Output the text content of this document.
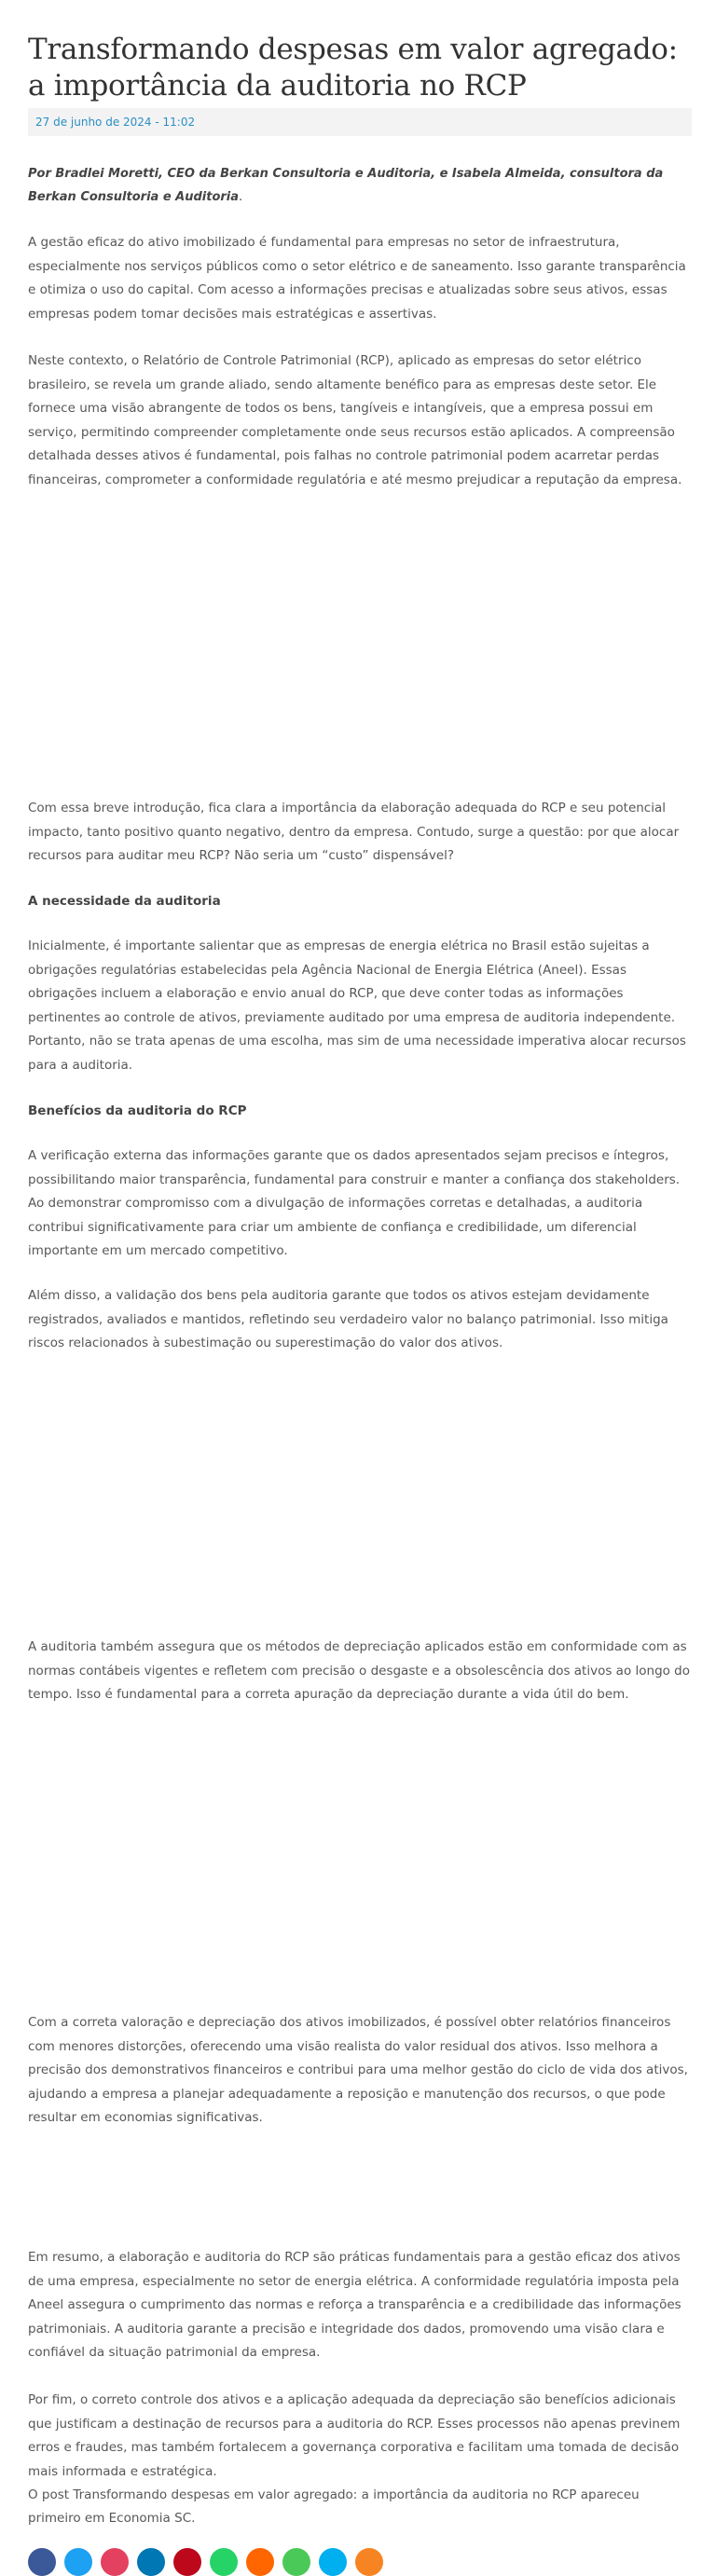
Transformando despesas em valor agregado: a importância da auditoria no RCP
27 de junho de 2024 - 11:02
Por Bradlei Moretti, CEO da Berkan Consultoria e Auditoria, e Isabela Almeida, consultora da Berkan Consultoria e Auditoria.

A gestão eficaz do ativo imobilizado é fundamental para empresas no setor de infraestrutura, especialmente nos serviços públicos como o setor elétrico e de saneamento. Isso garante transparência e otimiza o uso do capital. Com acesso a informações precisas e atualizadas sobre seus ativos, essas empresas podem tomar decisões mais estratégicas e assertivas.

Neste contexto, o Relatório de Controle Patrimonial (RCP), aplicado as empresas do setor elétrico brasileiro, se revela um grande aliado, sendo altamente benéfico para as empresas deste setor. Ele fornece uma visão abrangente de todos os bens, tangíveis e intangíveis, que a empresa possui em serviço, permitindo compreender completamente onde seus recursos estão aplicados. A compreensão detalhada desses ativos é fundamental, pois falhas no controle patrimonial podem acarretar perdas financeiras, comprometer a conformidade regulatória e até mesmo prejudicar a reputação da empresa.

Com essa breve introdução, fica clara a importância da elaboração adequada do RCP e seu potencial impacto, tanto positivo quanto negativo, dentro da empresa. Contudo, surge a questão: por que alocar recursos para auditar meu RCP? Não seria um “custo” dispensável?

A necessidade da auditoria

Inicialmente, é importante salientar que as empresas de energia elétrica no Brasil estão sujeitas a obrigações regulatórias estabelecidas pela Agência Nacional de Energia Elétrica (Aneel). Essas obrigações incluem a elaboração e envio anual do RCP, que deve conter todas as informações pertinentes ao controle de ativos, previamente auditado por uma empresa de auditoria independente. Portanto, não se trata apenas de uma escolha, mas sim de uma necessidade imperativa alocar recursos para a auditoria.

Benefícios da auditoria do RCP

A verificação externa das informações garante que os dados apresentados sejam precisos e íntegros, possibilitando maior transparência, fundamental para construir e manter a confiança dos stakeholders. Ao demonstrar compromisso com a divulgação de informações corretas e detalhadas, a auditoria contribui significativamente para criar um ambiente de confiança e credibilidade, um diferencial importante em um mercado competitivo.

Além disso, a validação dos bens pela auditoria garante que todos os ativos estejam devidamente registrados, avaliados e mantidos, refletindo seu verdadeiro valor no balanço patrimonial. Isso mitiga riscos relacionados à subestimação ou superestimação do valor dos ativos.

A auditoria também assegura que os métodos de depreciação aplicados estão em conformidade com as normas contábeis vigentes e refletem com precisão o desgaste e a obsolescência dos ativos ao longo do tempo. Isso é fundamental para a correta apuração da depreciação durante a vida útil do bem.

Com a correta valoração e depreciação dos ativos imobilizados, é possível obter relatórios financeiros com menores distorções, oferecendo uma visão realista do valor residual dos ativos. Isso melhora a precisão dos demonstrativos financeiros e contribui para uma melhor gestão do ciclo de vida dos ativos, ajudando a empresa a planejar adequadamente a reposição e manutenção dos recursos, o que pode resultar em economias significativas.

Em resumo, a elaboração e auditoria do RCP são práticas fundamentais para a gestão eficaz dos ativos de uma empresa, especialmente no setor de energia elétrica. A conformidade regulatória imposta pela Aneel assegura o cumprimento das normas e reforça a transparência e a credibilidade das informações patrimoniais. A auditoria garante a precisão e integridade dos dados, promovendo uma visão clara e confiável da situação patrimonial da empresa.

Por fim, o correto controle dos ativos e a aplicação adequada da depreciação são benefícios adicionais que justificam a destinação de recursos para a auditoria do RCP. Esses processos não apenas previnem erros e fraudes, mas também fortalecem a governança corporativa e facilitam uma tomada de decisão mais informada e estratégica.

O post Transformando despesas em valor agregado: a importância da auditoria no RCP apareceu primeiro em Economia SC.
